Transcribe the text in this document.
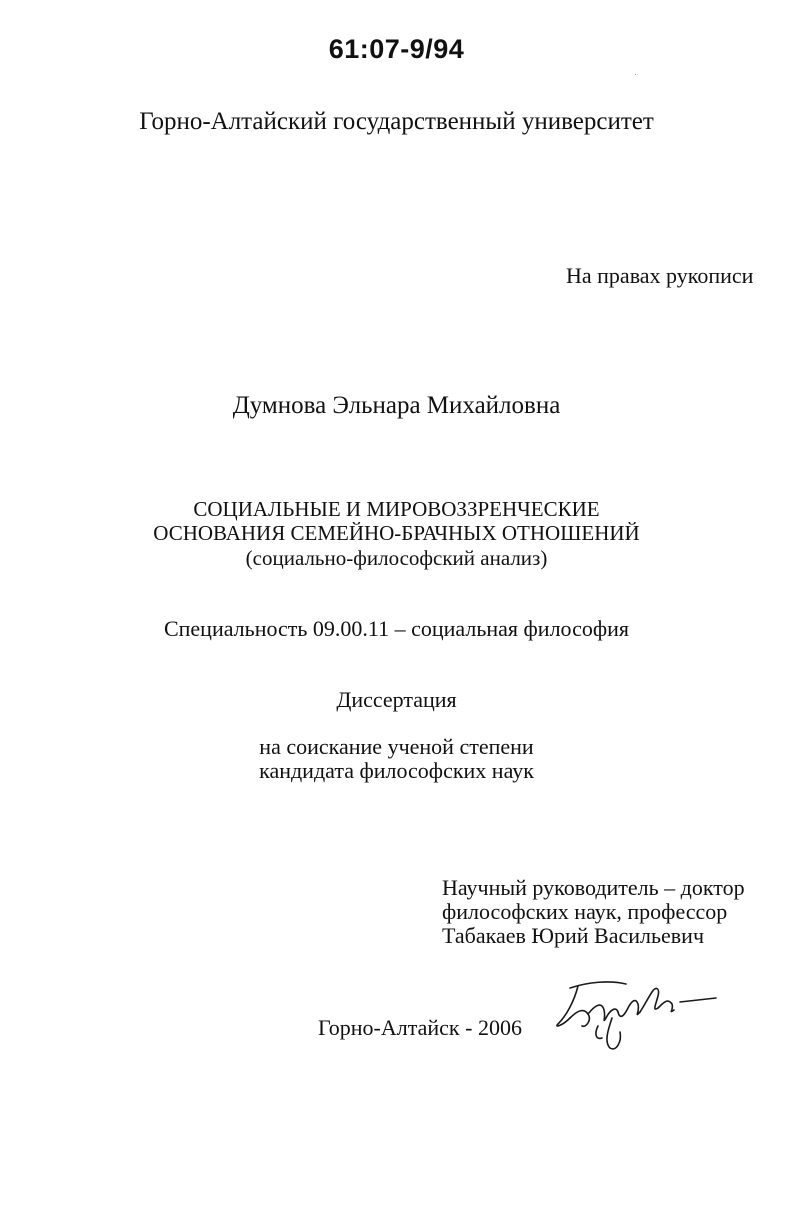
61:07-9/94
Горно-Алтайский государственный университет
На правах рукописи
Думнова Эльнара Михайловна
СОЦИАЛЬНЫЕ И МИРОВОЗЗРЕНЧЕСКИЕ
ОСНОВАНИЯ СЕМЕЙНО-БРАЧНЫХ ОТНОШЕНИЙ
(социально-философский анализ)
Специальность 09.00.11 – социальная философия
Диссертация
на соискание ученой степени
кандидата философских наук
Научный руководитель – доктор
философских наук, профессор
Табакаев Юрий Васильевич
Горно-Алтайск - 2006
